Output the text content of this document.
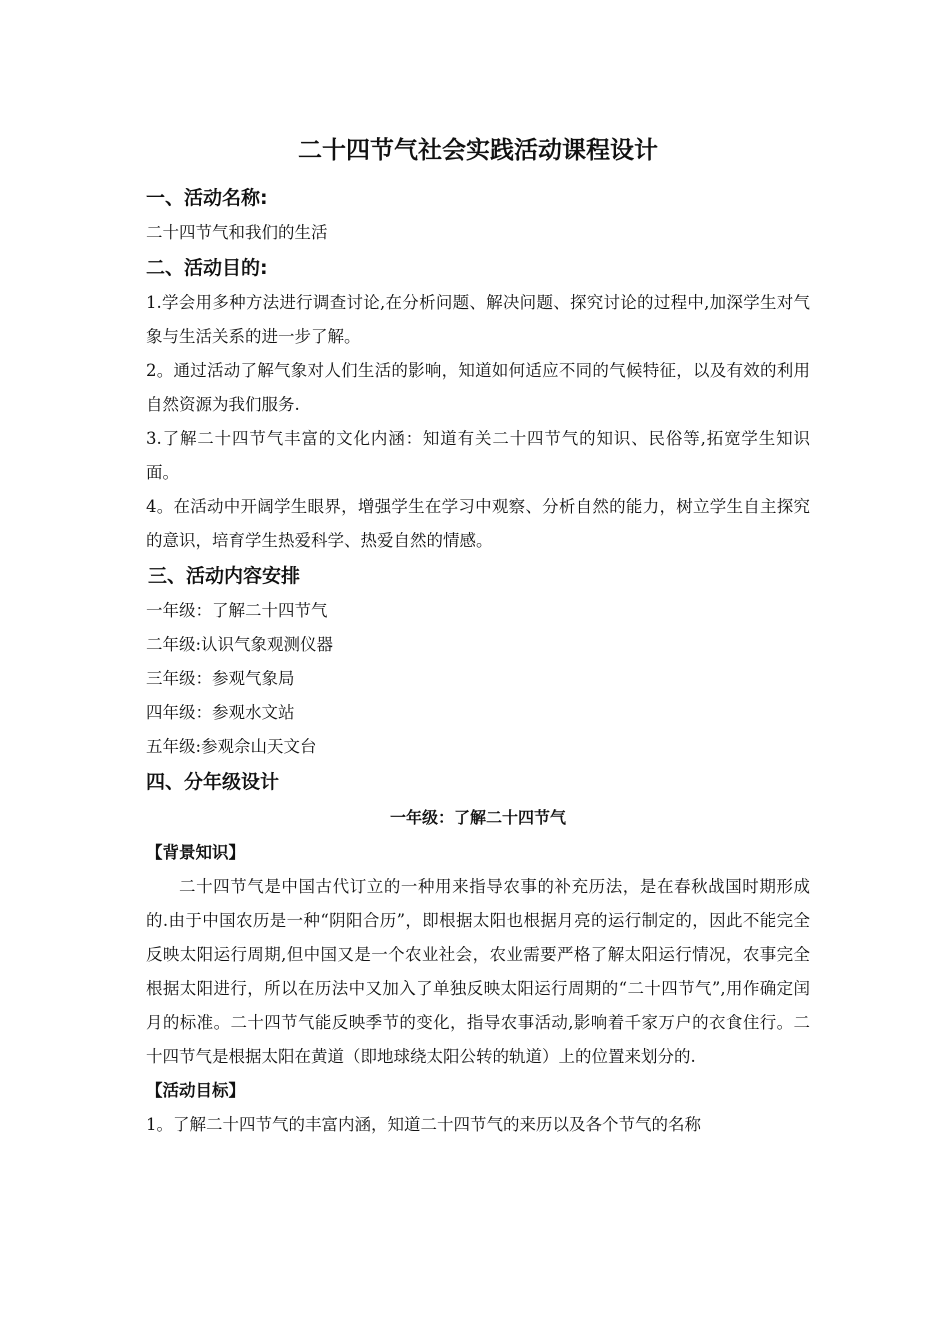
二十四节气社会实践活动课程设计
一、活动名称:
二十四节气和我们的生活
二、活动目的:
1.学会用多种方法进行调查讨论,在分析问题、解决问题、探究讨论的过程中,加深学生对气象与生活关系的进一步了解。
2。通过活动了解气象对人们生活的影响，知道如何适应不同的气候特征，以及有效的利用自然资源为我们服务.
3.了解二十四节气丰富的文化内涵：知道有关二十四节气的知识、民俗等,拓宽学生知识面。
4。在活动中开阔学生眼界，增强学生在学习中观察、分析自然的能力，树立学生自主探究的意识，培育学生热爱科学、热爱自然的情感。
三、活动内容安排
一年级：了解二十四节气
二年级:认识气象观测仪器
三年级：参观气象局
四年级：参观水文站
五年级:参观佘山天文台
四、分年级设计
一年级：了解二十四节气
【背景知识】
二十四节气是中国古代订立的一种用来指导农事的补充历法，是在春秋战国时期形成的.由于中国农历是一种“阴阳合历”，即根据太阳也根据月亮的运行制定的，因此不能完全反映太阳运行周期,但中国又是一个农业社会，农业需要严格了解太阳运行情况，农事完全根据太阳进行，所以在历法中又加入了单独反映太阳运行周期的“二十四节气”,用作确定闰月的标准。二十四节气能反映季节的变化，指导农事活动,影响着千家万户的衣食住行。二十四节气是根据太阳在黄道（即地球绕太阳公转的轨道）上的位置来划分的.
【活动目标】
1。了解二十四节气的丰富内涵，知道二十四节气的来历以及各个节气的名称
